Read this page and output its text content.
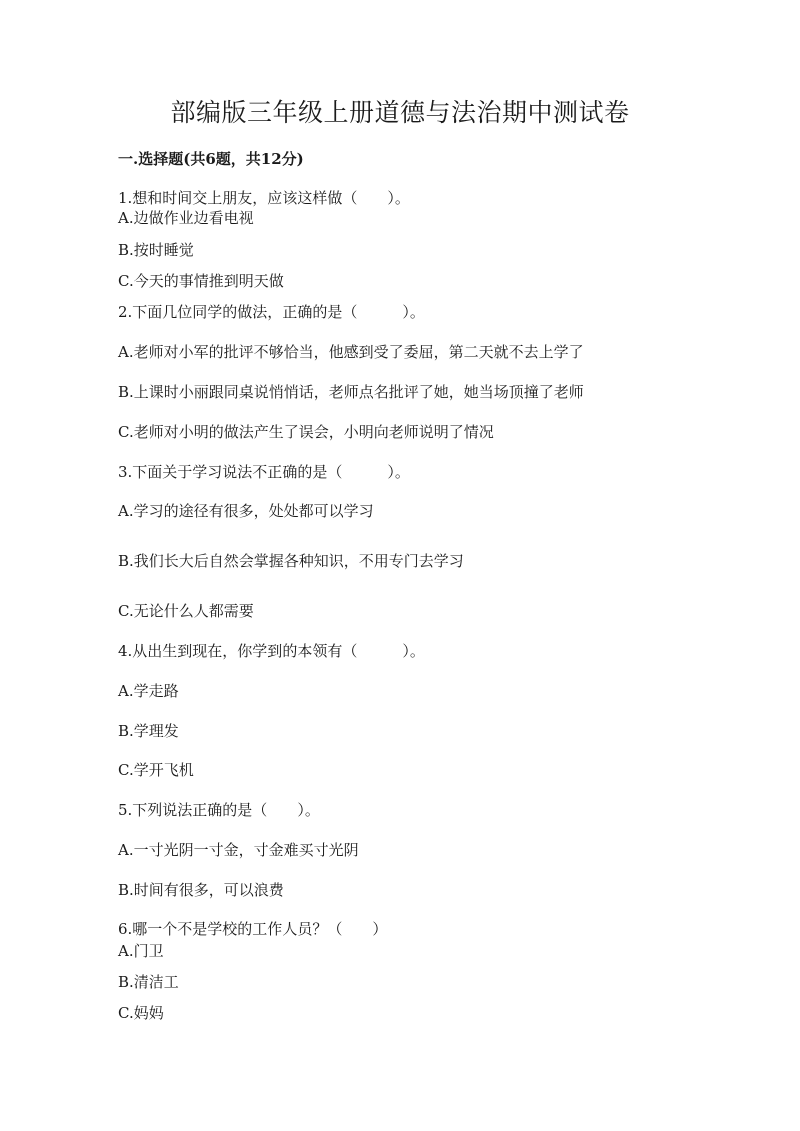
部编版三年级上册道德与法治期中测试卷
一.选择题(共6题，共12分)
1.想和时间交上朋友，应该这样做（　　）。
A.边做作业边看电视
B.按时睡觉
C.今天的事情推到明天做
2.下面几位同学的做法，正确的是（　　　）。
A.老师对小军的批评不够恰当，他感到受了委屈，第二天就不去上学了
B.上课时小丽跟同桌说悄悄话，老师点名批评了她，她当场顶撞了老师
C.老师对小明的做法产生了误会，小明向老师说明了情况
3.下面关于学习说法不正确的是（　　　）。
A.学习的途径有很多，处处都可以学习
B.我们长大后自然会掌握各种知识，不用专门去学习
C.无论什么人都需要
4.从出生到现在，你学到的本领有（　　　）。
A.学走路
B.学理发
C.学开飞机
5.下列说法正确的是（　　）。
A.一寸光阴一寸金，寸金难买寸光阴
B.时间有很多，可以浪费
6.哪一个不是学校的工作人员？（　　）
A.门卫
B.清洁工
C.妈妈
